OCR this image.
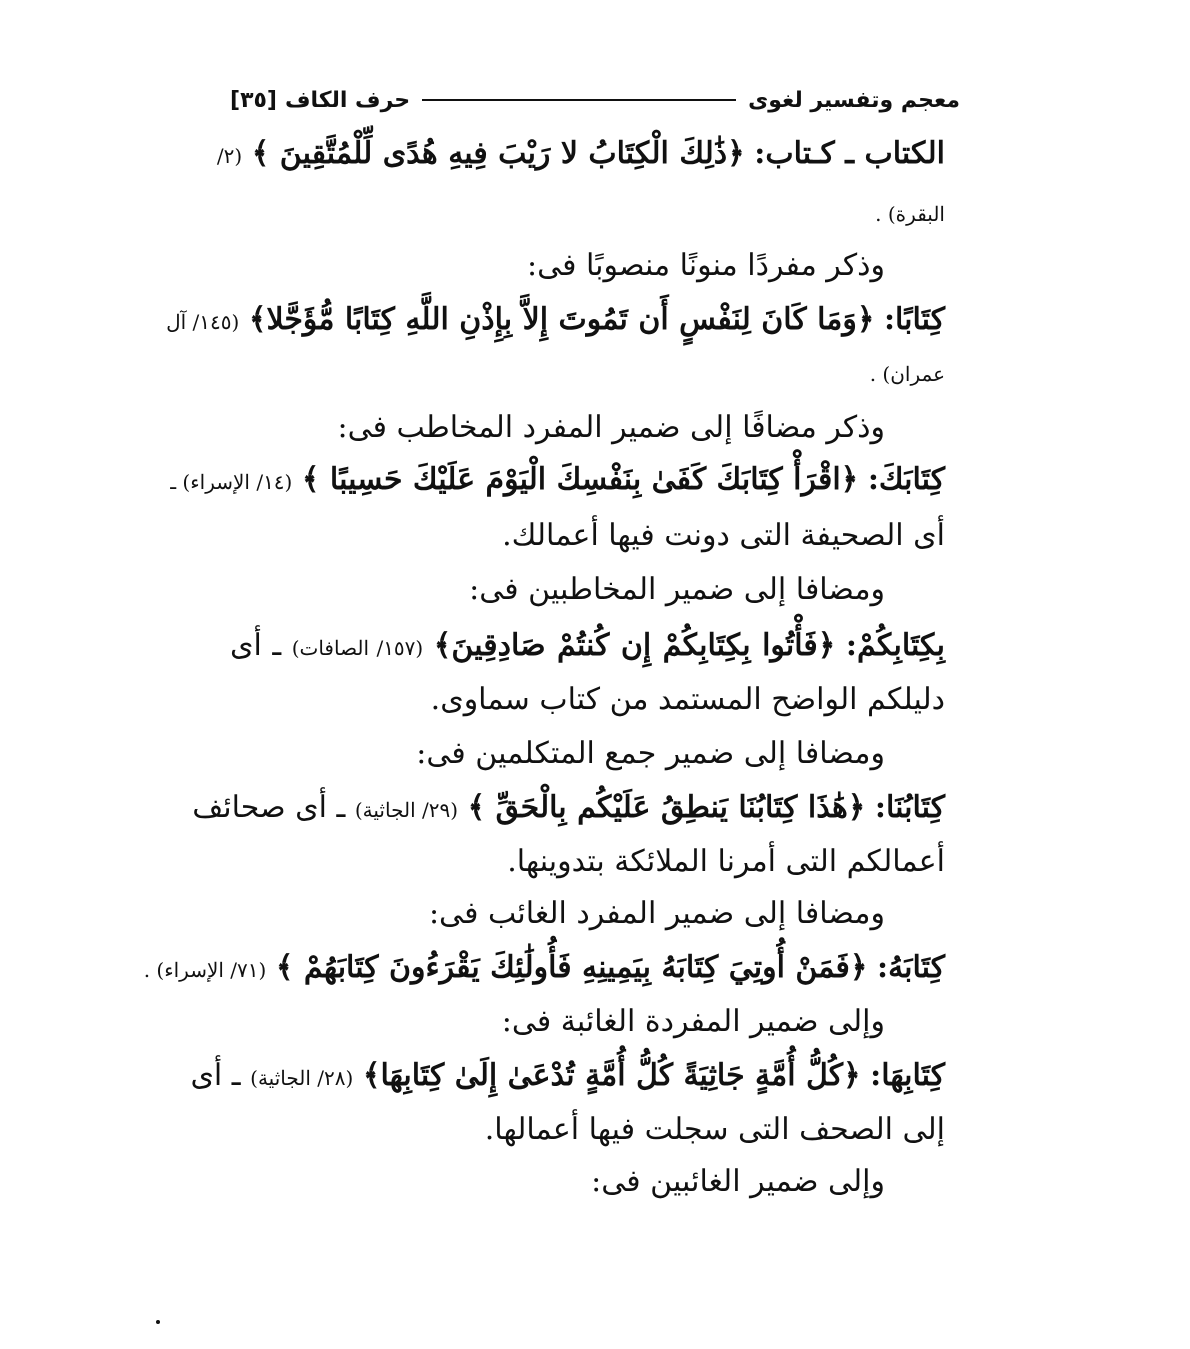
معجم وتفسير لغوى
حرف الكاف
[٣٥]
الكتاب ـ كـتاب: ﴿ذَٰلِكَ الْكِتَابُ لا رَيْبَ فِيهِ هُدًى لِّلْمُتَّقِينَ ﴾ (٢/
البقرة) .
وذكر مفردًا منونًا منصوبًا فى:
كِتَابًا: ﴿وَمَا كَانَ لِنَفْسٍ أَن تَمُوتَ إِلاَّ بِإِذْنِ اللَّهِ كِتَابًا مُّؤَجَّلا﴾ (١٤٥/ آل
عمران) .
وذكر مضافًا إلى ضمير المفرد المخاطب فى:
كِتَابَكَ: ﴿اقْرَأْ كِتَابَكَ كَفَىٰ بِنَفْسِكَ الْيَوْمَ عَلَيْكَ حَسِيبًا ﴾ (١٤/ الإسراء) ـ
أى الصحيفة التى دونت فيها أعمالك.
ومضافا إلى ضمير المخاطبين فى:
بِكِتَابِكُمْ: ﴿فَأْتُوا بِكِتَابِكُمْ إِن كُنتُمْ صَادِقِينَ﴾ (١٥٧/ الصافات) ـ أى
دليلكم الواضح المستمد من كتاب سماوى.
ومضافا إلى ضمير جمع المتكلمين فى:
كِتَابُنَا: ﴿هَٰذَا كِتَابُنَا يَنطِقُ عَلَيْكُم بِالْحَقِّ ﴾ (٢٩/ الجاثية) ـ أى صحائف
أعمالكم التى أمرنا الملائكة بتدوينها.
ومضافا إلى ضمير المفرد الغائب فى:
كِتَابَهُ: ﴿فَمَنْ أُوتِيَ كِتَابَهُ بِيَمِينِهِ فَأُولَٰئِكَ يَقْرَءُونَ كِتَابَهُمْ ﴾ (٧١/ الإسراء) .
وإلى ضمير المفردة الغائبة فى:
كِتَابِهَا: ﴿كُلُّ أُمَّةٍ جَاثِيَةً كُلُّ أُمَّةٍ تُدْعَىٰ إِلَىٰ كِتَابِهَا﴾ (٢٨/ الجاثية) ـ أى
إلى الصحف التى سجلت فيها أعمالها.
وإلى ضمير الغائبين فى:
